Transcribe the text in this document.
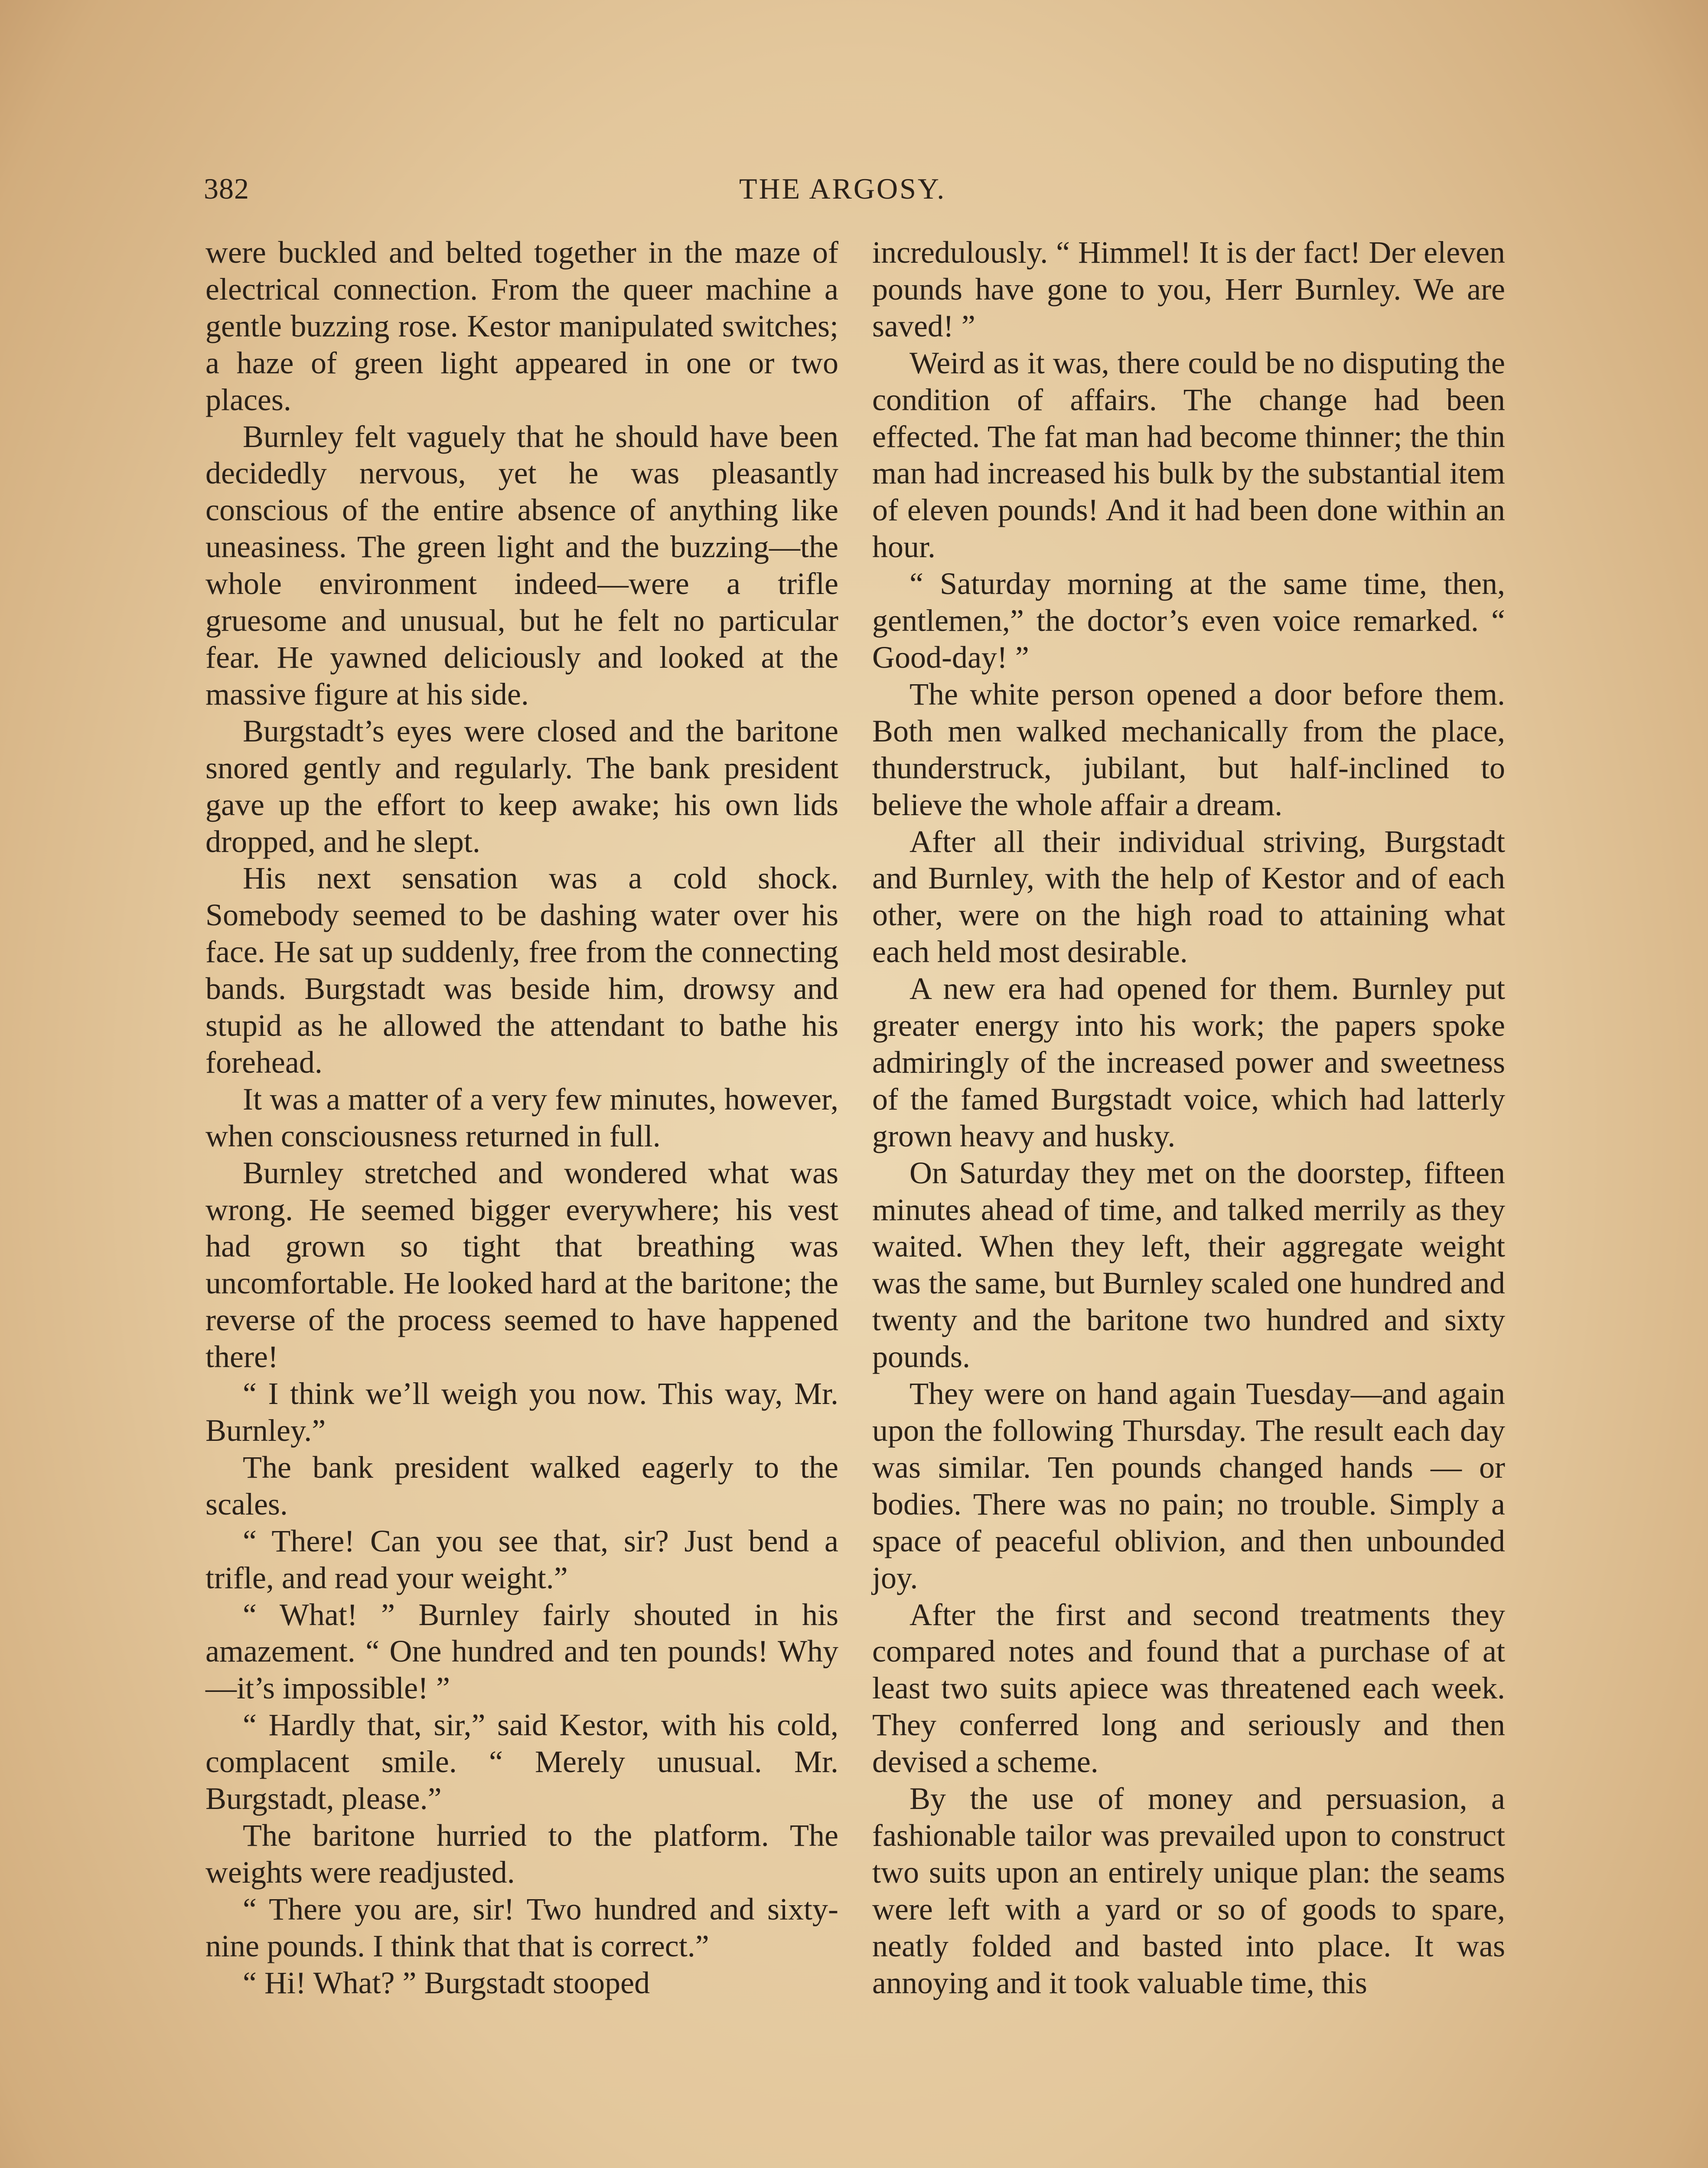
382	THE ARGOSY.

were buckled and belted together in the maze of electrical connection. From the queer machine a gentle buzzing rose. Kestor manipulated switches; a haze of green light appeared in one or two places.

Burnley felt vaguely that he should have been decidedly nervous, yet he was pleasantly conscious of the entire absence of anything like uneasiness. The green light and the buzzing—the whole environment indeed—were a trifle gruesome and unusual, but he felt no particular fear. He yawned deliciously and looked at the massive figure at his side.

Burgstadt’s eyes were closed and the baritone snored gently and regularly. The bank president gave up the effort to keep awake; his own lids dropped, and he slept.

His next sensation was a cold shock. Somebody seemed to be dashing water over his face. He sat up suddenly, free from the connecting bands. Burgstadt was beside him, drowsy and stupid as he allowed the attendant to bathe his forehead.

It was a matter of a very few minutes, however, when consciousness returned in full.

Burnley stretched and wondered what was wrong. He seemed bigger everywhere; his vest had grown so tight that breathing was uncomfortable. He looked hard at the baritone; the reverse of the process seemed to have happened there!

“ I think we’ll weigh you now. This way, Mr. Burnley.”

The bank president walked eagerly to the scales.

“ There! Can you see that, sir? Just bend a trifle, and read your weight.”

“ What! ” Burnley fairly shouted in his amazement. “ One hundred and ten pounds! Why—it’s impossible! ”

“ Hardly that, sir,” said Kestor, with his cold, complacent smile. “ Merely unusual. Mr. Burgstadt, please.”

The baritone hurried to the platform. The weights were readjusted.

“ There you are, sir! Two hundred and sixty-nine pounds. I think that that is correct.”

“ Hi! What? ” Burgstadt stooped

incredulously. “ Himmel! It is der fact! Der eleven pounds have gone to you, Herr Burnley. We are saved! ”

Weird as it was, there could be no disputing the condition of affairs. The change had been effected. The fat man had become thinner; the thin man had increased his bulk by the substantial item of eleven pounds! And it had been done within an hour.

“ Saturday morning at the same time, then, gentlemen,” the doctor’s even voice remarked. “ Good-day! ”

The white person opened a door before them. Both men walked mechanically from the place, thunderstruck, jubilant, but half-inclined to believe the whole affair a dream.

After all their individual striving, Burgstadt and Burnley, with the help of Kestor and of each other, were on the high road to attaining what each held most desirable.

A new era had opened for them. Burnley put greater energy into his work; the papers spoke admiringly of the increased power and sweetness of the famed Burgstadt voice, which had latterly grown heavy and husky.

On Saturday they met on the doorstep, fifteen minutes ahead of time, and talked merrily as they waited. When they left, their aggregate weight was the same, but Burnley scaled one hundred and twenty and the baritone two hundred and sixty pounds.

They were on hand again Tuesday—and again upon the following Thursday. The result each day was similar. Ten pounds changed hands — or bodies. There was no pain; no trouble. Simply a space of peaceful oblivion, and then unbounded joy.

After the first and second treatments they compared notes and found that a purchase of at least two suits apiece was threatened each week. They conferred long and seriously and then devised a scheme.

By the use of money and persuasion, a fashionable tailor was prevailed upon to construct two suits upon an entirely unique plan: the seams were left with a yard or so of goods to spare, neatly folded and basted into place. It was annoying and it took valuable time, this
